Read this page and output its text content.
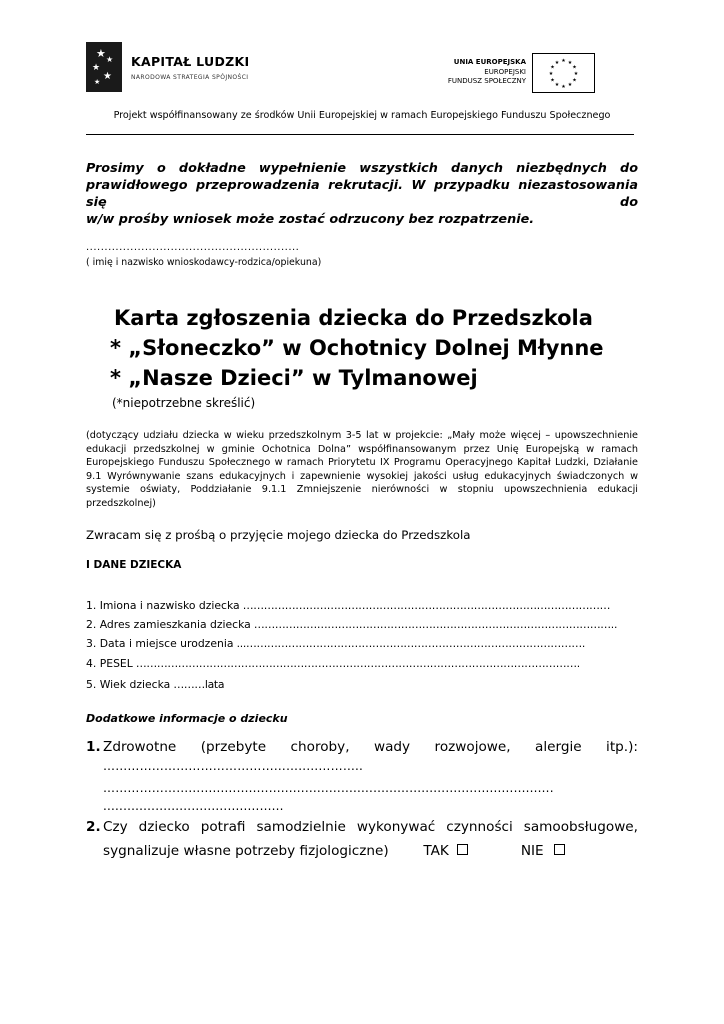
★ ★
★
★
★
KAPITAŁ LUDZKI
NARODOWA STRATEGIA SPÓJNOŚCI
UNIA EUROPEJSKA
EUROPEJSKI
FUNDUSZ SPOŁECZNY
★ ★
★
★
★
★
★
★
★
★
★
★
Projekt współfinansowany ze środków Unii Europejskiej w ramach Europejskiego Funduszu Społecznego
Prosimy o dokładne wypełnienie wszystkich danych niezbędnych do
prawidłowego przeprowadzenia rekrutacji. W przypadku niezastosowania się do
w/w prośby wniosek może zostać odrzucony bez rozpatrzenie.
..........................................................
( imię i nazwisko wnioskodawcy-rodzica/opiekuna)
Karta zgłoszenia dziecka do Przedszkola
* „Słoneczko” w Ochotnicy Dolnej Młynne
* „Nasze Dzieci” w Tylmanowej
(*niepotrzebne skreślić)
(dotyczący udziału dziecka w wieku przedszkolnym 3-5 lat w projekcie: „Mały może więcej – upowszechnienie
edukacji przedszkolnej w gminie Ochotnica Dolna” współfinansowanym przez Unię Europejską w ramach
Europejskiego Funduszu Społecznego w ramach Priorytetu IX Programu Operacyjnego Kapitał Ludzki, Działanie
9.1 Wyrównywanie szans edukacyjnych i zapewnienie wysokiej jakości usług edukacyjnych świadczonych w
systemie oświaty, Poddziałanie 9.1.1 Zmniejszenie nierówności w stopniu upowszechnienia edukacji
przedszkolnej)
Zwracam się z prośbą o przyjęcie mojego dziecka do Przedszkola
I DANE DZIECKA
1. Imiona i nazwisko dziecka ……………………………………………………………………………………………
2. Adres zamieszkania dziecka …………………………………………………………………………………………..
3. Data i miejsce urodzenia ...…………………………………………………………………………………….
4. PESEL ……………………………………………………………………………………………………………….
5. Wiek dziecka ………lata
Dodatkowe informacje o dziecku
1. Zdrowotne (przebyte choroby, wady rozwojowe, alergie itp.):
…………………………………………..…………..
…………………...........................................................................................
.............................................
2. Czy dziecko potrafi samodzielnie wykonywać czynności samoobsługowe,
sygnalizuje własne potrzeby fizjologiczne)	TAK	NIE
